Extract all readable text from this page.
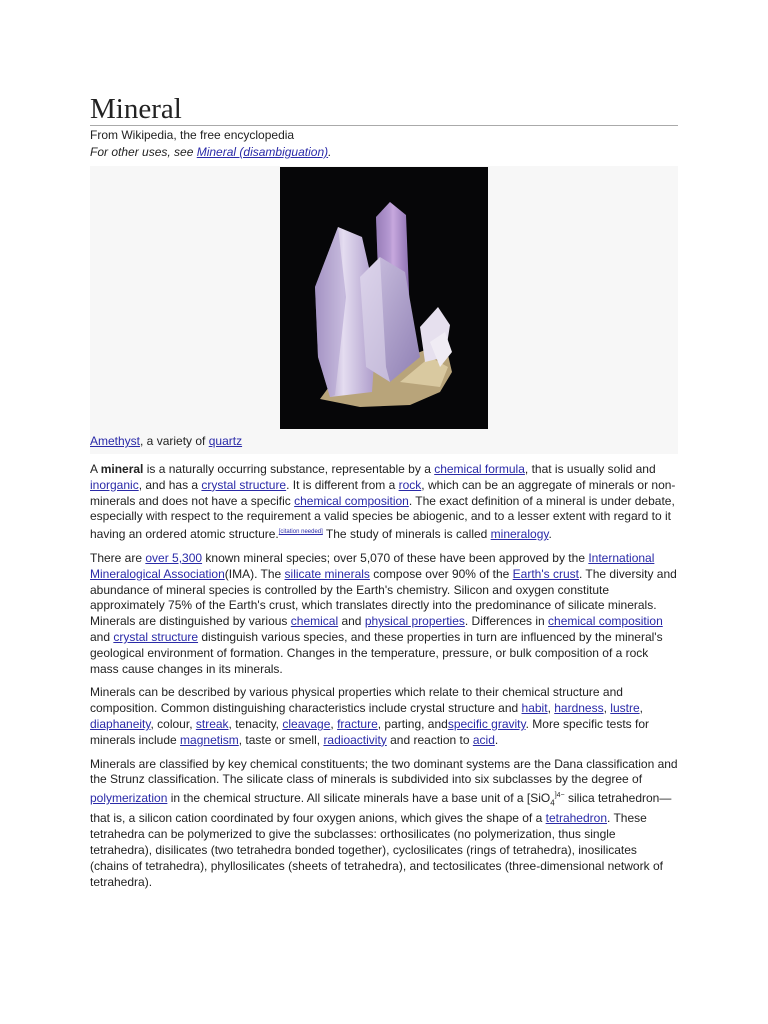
Mineral
From Wikipedia, the free encyclopedia
For other uses, see Mineral (disambiguation).
Amethyst, a variety of quartz

A mineral is a naturally occurring substance, representable by a chemical formula, that is usually solid and inorganic, and has a crystal structure. It is different from a rock, which can be an aggregate of minerals or non-minerals and does not have a specific chemical composition. The exact definition of a mineral is under debate, especially with respect to the requirement a valid species be abiogenic, and to a lesser extent with regard to it having an ordered atomic structure.[citation needed] The study of minerals is called mineralogy.

There are over 5,300 known mineral species; over 5,070 of these have been approved by the International Mineralogical Association(IMA). The silicate minerals compose over 90% of the Earth's crust. The diversity and abundance of mineral species is controlled by the Earth's chemistry. Silicon and oxygen constitute approximately 75% of the Earth's crust, which translates directly into the predominance of silicate minerals. Minerals are distinguished by various chemical and physical properties. Differences in chemical composition and crystal structure distinguish various species, and these properties in turn are influenced by the mineral's geological environment of formation. Changes in the temperature, pressure, or bulk composition of a rock mass cause changes in its minerals.

Minerals can be described by various physical properties which relate to their chemical structure and composition. Common distinguishing characteristics include crystal structure and habit, hardness, lustre, diaphaneity, colour, streak, tenacity, cleavage, fracture, parting, andspecific gravity. More specific tests for minerals include magnetism, taste or smell, radioactivity and reaction to acid.

Minerals are classified by key chemical constituents; the two dominant systems are the Dana classification and the Strunz classification. The silicate class of minerals is subdivided into six subclasses by the degree of polymerization in the chemical structure. All silicate minerals have a base unit of a [SiO$_4^{]4-}$ silica tetrahedron—that is, a silicon cation coordinated by four oxygen anions, which gives the shape of a tetrahedron. These tetrahedra can be polymerized to give the subclasses: orthosilicates (no polymerization, thus single tetrahedra), disilicates (two tetrahedra bonded together), cyclosilicates (rings of tetrahedra), inosilicates (chains of tetrahedra), phyllosilicates (sheets of tetrahedra), and tectosilicates (three-dimensional network of tetrahedra).
